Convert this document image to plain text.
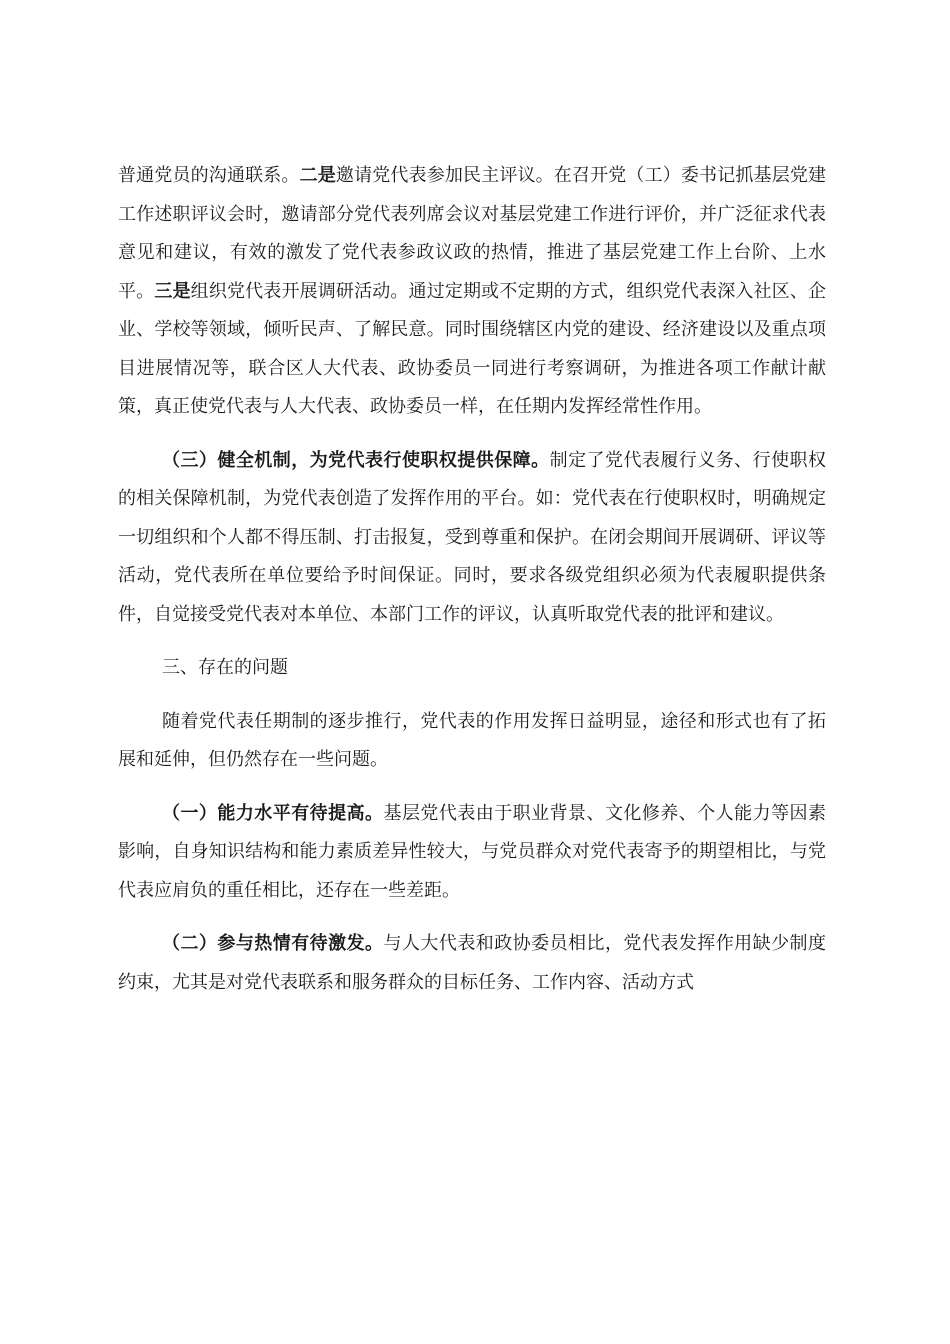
普通党员的沟通联系。二是邀请党代表参加民主评议。在召开党（工）委书记抓基层党建工作述职评议会时，邀请部分党代表列席会议对基层党建工作进行评价，并广泛征求代表意见和建议，有效的激发了党代表参政议政的热情，推进了基层党建工作上台阶、上水平。三是组织党代表开展调研活动。通过定期或不定期的方式，组织党代表深入社区、企业、学校等领域，倾听民声、了解民意。同时围绕辖区内党的建设、经济建设以及重点项目进展情况等，联合区人大代表、政协委员一同进行考察调研，为推进各项工作献计献策，真正使党代表与人大代表、政协委员一样，在任期内发挥经常性作用。

（三）健全机制，为党代表行使职权提供保障。制定了党代表履行义务、行使职权的相关保障机制，为党代表创造了发挥作用的平台。如：党代表在行使职权时，明确规定一切组织和个人都不得压制、打击报复，受到尊重和保护。在闭会期间开展调研、评议等活动，党代表所在单位要给予时间保证。同时，要求各级党组织必须为代表履职提供条件，自觉接受党代表对本单位、本部门工作的评议，认真听取党代表的批评和建议。

三、存在的问题

随着党代表任期制的逐步推行，党代表的作用发挥日益明显，途径和形式也有了拓展和延伸，但仍然存在一些问题。

（一）能力水平有待提高。基层党代表由于职业背景、文化修养、个人能力等因素影响，自身知识结构和能力素质差异性较大，与党员群众对党代表寄予的期望相比，与党代表应肩负的重任相比，还存在一些差距。

（二）参与热情有待激发。与人大代表和政协委员相比，党代表发挥作用缺少制度约束，尤其是对党代表联系和服务群众的目标任务、工作内容、活动方式
